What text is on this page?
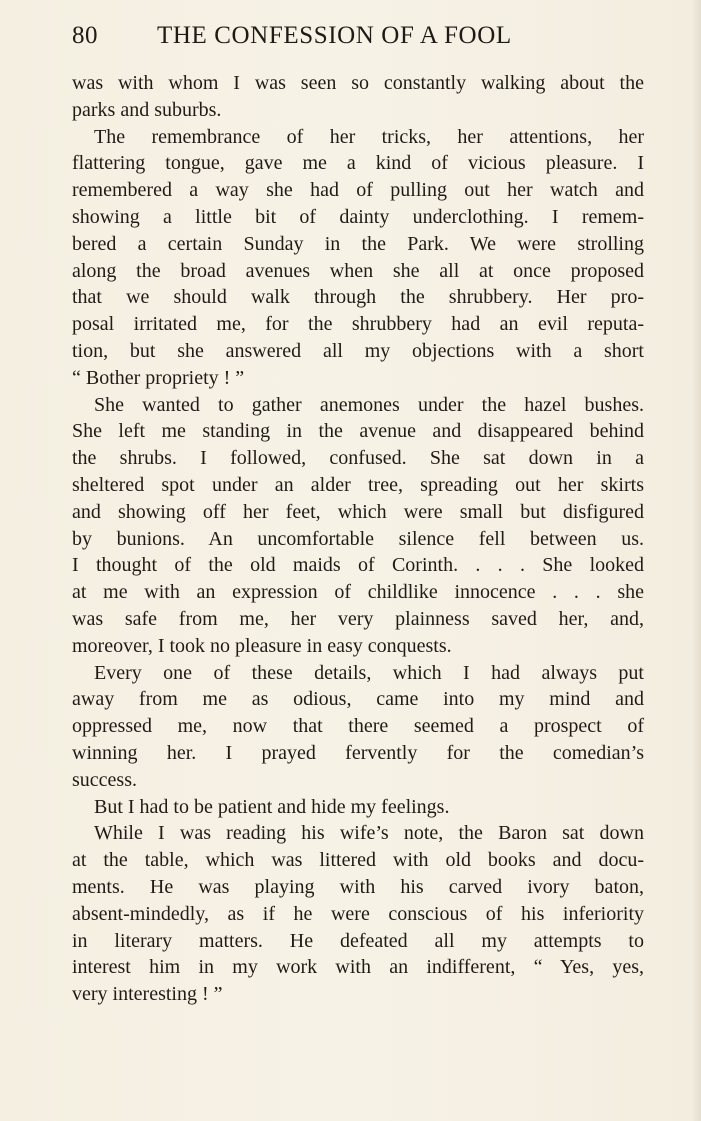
80 THE CONFESSION OF A FOOL
was with whom I was seen so constantly walking about the
parks and suburbs.
The remembrance of her tricks, her attentions, her
flattering tongue, gave me a kind of vicious pleasure. I
remembered a way she had of pulling out her watch and
showing a little bit of dainty underclothing. I remem-
bered a certain Sunday in the Park. We were strolling
along the broad avenues when she all at once proposed
that we should walk through the shrubbery. Her pro-
posal irritated me, for the shrubbery had an evil reputa-
tion, but she answered all my objections with a short
“ Bother propriety ! ”
She wanted to gather anemones under the hazel bushes.
She left me standing in the avenue and disappeared behind
the shrubs. I followed, confused. She sat down in a
sheltered spot under an alder tree, spreading out her skirts
and showing off her feet, which were small but disfigured
by bunions. An uncomfortable silence fell between us.
I thought of the old maids of Corinth. . . . She looked
at me with an expression of childlike innocence . . . she
was safe from me, her very plainness saved her, and,
moreover, I took no pleasure in easy conquests.
Every one of these details, which I had always put
away from me as odious, came into my mind and
oppressed me, now that there seemed a prospect of
winning her. I prayed fervently for the comedian’s
success.
But I had to be patient and hide my feelings.
While I was reading his wife’s note, the Baron sat down
at the table, which was littered with old books and docu-
ments. He was playing with his carved ivory baton,
absent-mindedly, as if he were conscious of his inferiority
in literary matters. He defeated all my attempts to
interest him in my work with an indifferent, “ Yes, yes,
very interesting ! ”
